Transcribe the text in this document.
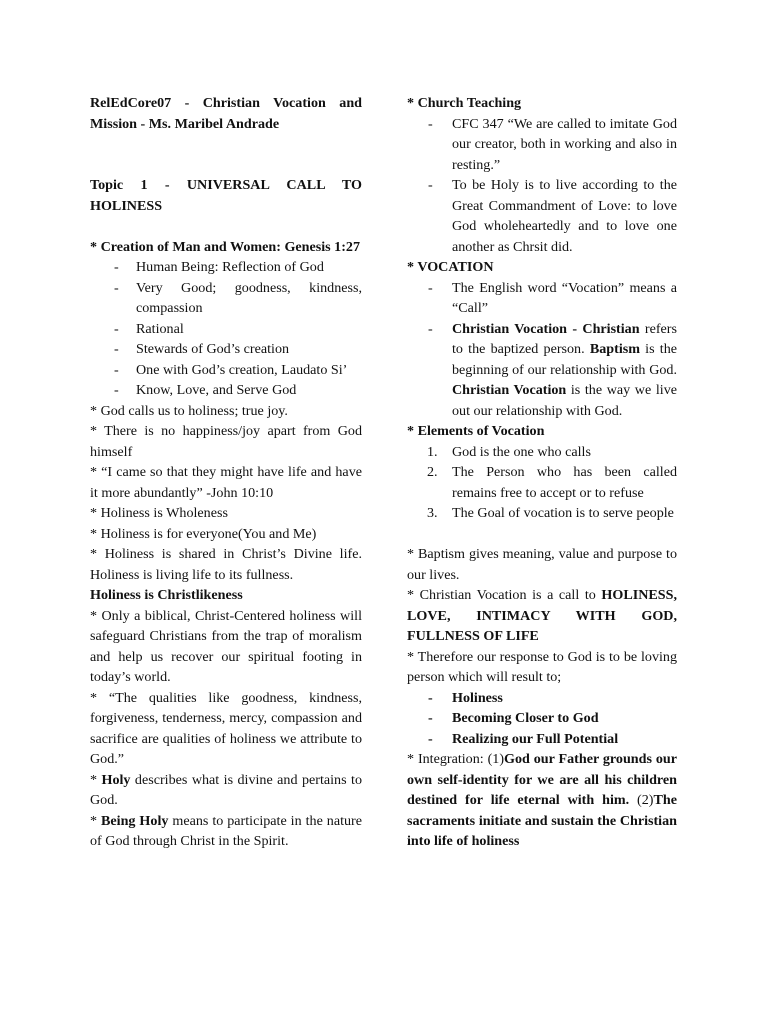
RelEdCore07 - Christian Vocation and Mission - Ms. Maribel Andrade

Topic 1 - UNIVERSAL CALL TO HOLINESS

* Creation of Man and Women: Genesis 1:27

- Human Being: Reflection of God
- Very Good; goodness, kindness, compassion
- Rational
- Stewards of God’s creation
- One with God’s creation, Laudato Si’
- Know, Love, and Serve God

* God calls us to holiness; true joy.

* There is no happiness/joy apart from God himself

* “I came so that they might have life and have it more abundantly” -John 10:10

* Holiness is Wholeness

* Holiness is for everyone(You and Me)

* Holiness is shared in Christ’s Divine life. Holiness is living life to its fullness.

Holiness is Christlikeness

* Only a biblical, Christ-Centered holiness will safeguard Christians from the trap of moralism and help us recover our spiritual footing in today’s world.

* “The qualities like goodness, kindness, forgiveness, tenderness, mercy, compassion and sacrifice are qualities of holiness we attribute to God.”

* Holy describes what is divine and pertains to God.

* Being Holy means to participate in the nature of God through Christ in the Spirit.

* Church Teaching

- CFC 347 “We are called to imitate God our creator, both in working and also in resting.”
- To be Holy is to live according to the Great Commandment of Love: to love God wholeheartedly and to love one another as Chrsit did.

* VOCATION

- The English word “Vocation” means a “Call”
- Christian Vocation - Christian refers to the baptized person. Baptism is the beginning of our relationship with God. Christian Vocation is the way we live out our relationship with God.

* Elements of Vocation

1. God is the one who calls
2. The Person who has been called remains free to accept or to refuse
3. The Goal of vocation is to serve people

* Baptism gives meaning, value and purpose to our lives.

* Christian Vocation is a call to HOLINESS, LOVE, INTIMACY WITH GOD, FULLNESS OF LIFE

* Therefore our response to God is to be loving person which will result to;

- Holiness
- Becoming Closer to God
- Realizing our Full Potential

* Integration: (1)God our Father grounds our own self-identity for we are all his children destined for life eternal with him. (2)The sacraments initiate and sustain the Christian into life of holiness
